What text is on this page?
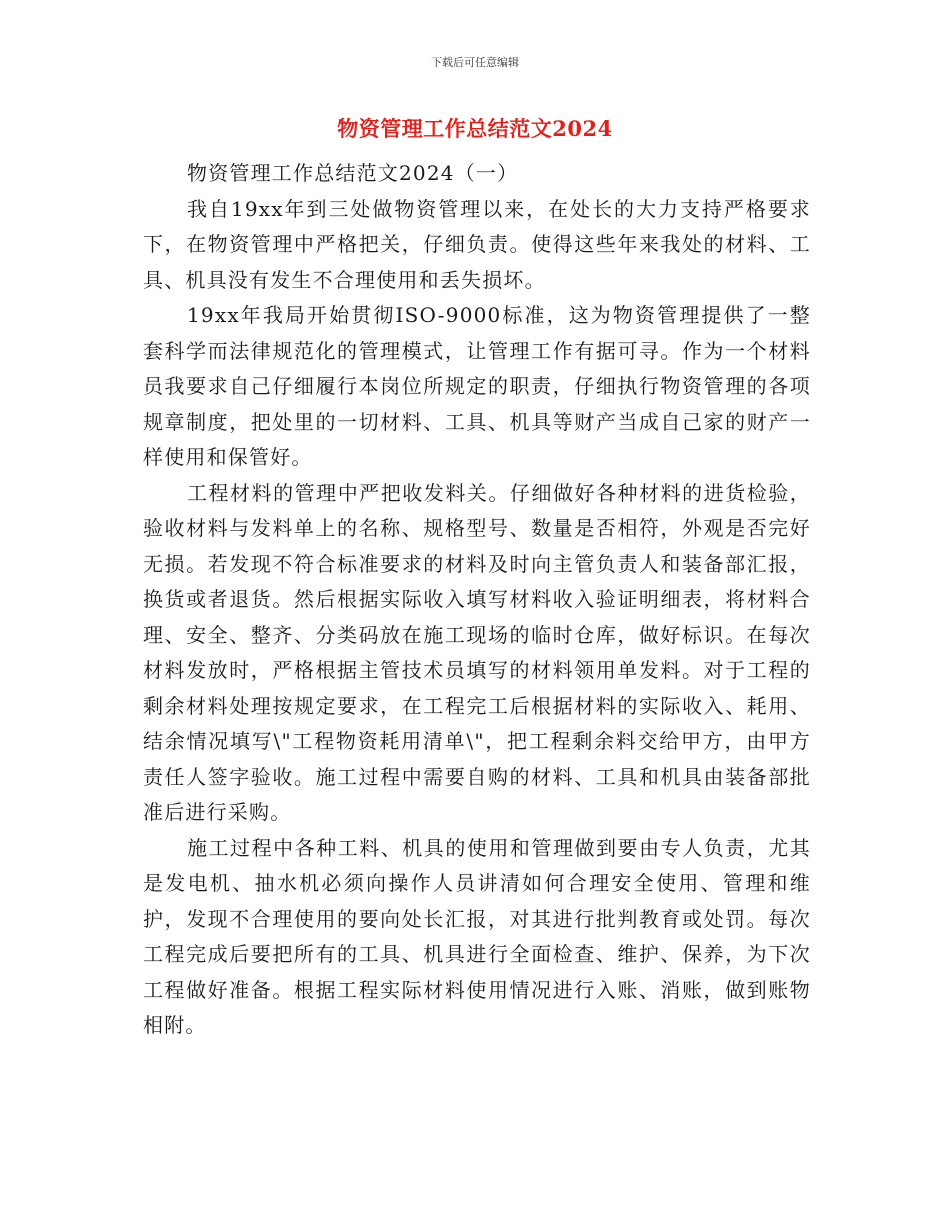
下载后可任意编辑
物资管理工作总结范文2024

物资管理工作总结范文2024（一）

我自19xx年到三处做物资管理以来，在处长的大力支持严格要求下，在物资管理中严格把关，仔细负责。使得这些年来我处的材料、工具、机具没有发生不合理使用和丢失损坏。

19xx年我局开始贯彻ISO-9000标准，这为物资管理提供了一整套科学而法律规范化的管理模式，让管理工作有据可寻。作为一个材料员我要求自己仔细履行本岗位所规定的职责，仔细执行物资管理的各项规章制度，把处里的一切材料、工具、机具等财产当成自己家的财产一样使用和保管好。

工程材料的管理中严把收发料关。仔细做好各种材料的进货检验，验收材料与发料单上的名称、规格型号、数量是否相符，外观是否完好无损。若发现不符合标准要求的材料及时向主管负责人和装备部汇报，换货或者退货。然后根据实际收入填写材料收入验证明细表，将材料合理、安全、整齐、分类码放在施工现场的临时仓库，做好标识。在每次材料发放时，严格根据主管技术员填写的材料领用单发料。对于工程的剩余材料处理按规定要求，在工程完工后根据材料的实际收入、耗用、结余情况填写\"工程物资耗用清单\"，把工程剩余料交给甲方，由甲方责任人签字验收。施工过程中需要自购的材料、工具和机具由装备部批准后进行采购。

施工过程中各种工料、机具的使用和管理做到要由专人负责，尤其是发电机、抽水机必须向操作人员讲清如何合理安全使用、管理和维护，发现不合理使用的要向处长汇报，对其进行批判教育或处罚。每次工程完成后要把所有的工具、机具进行全面检查、维护、保养，为下次工程做好准备。根据工程实际材料使用情况进行入账、消账，做到账物相附。
